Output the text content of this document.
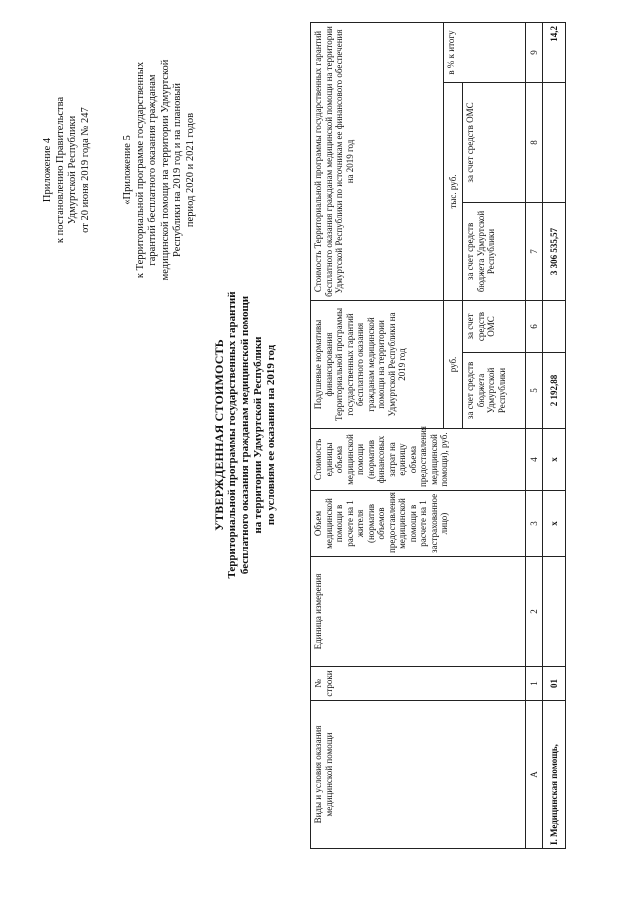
Приложение 4 к постановлению Правительства Удмуртской Республики от 20 июня 2019 года № 247	«Приложение 5 к Территориальной программе государственных гарантий бесплатного оказания гражданам медицинской помощи на территории Удмуртской Республики на 2019 год и на плановый период 2020 и 2021 годов
УТВЕРЖДЕННАЯ СТОИМОСТЬ Территориальной программы государственных гарантий бесплатного оказания гражданам медицинской помощи на территории Удмуртской Республики по условиям ее оказания на 2019 год
Виды и условия оказания медицинской помощи	№ строки	Единица измерения	Объем медицинской помощи в расчете на 1 жителя (норматив объемов предоставления медицинской помощи в расчете на 1 застрахованное лицо)	Стоимость единицы объема медицинской помощи (норматив финансовых затрат на единицу объема предоставления медицинской помощи), руб.	Подушевые нормативы финансирования Территориальной программы государственных гарантий бесплатного оказания гражданам медицинской помощи на территории Удмуртской Республики на 2019 год		Стоимость Территориальной программы государственных гарантий бесплатного оказания гражданам медицинской помощи на территории Удмуртской Республики по источникам ее финансового обеспечения на 2019 год		
					руб.		тыс. руб.		в % к итогу
					за счет средств бюджета Удмуртской Республики	за счет средств ОМС	за счет средств бюджета Удмуртской Республики	за счет средств ОМС	
А	1	2	3	4	5	6	7	8	9
I. Медицинская помощь,	01		х	х	2 192,88		3 306 535,57		14,2
